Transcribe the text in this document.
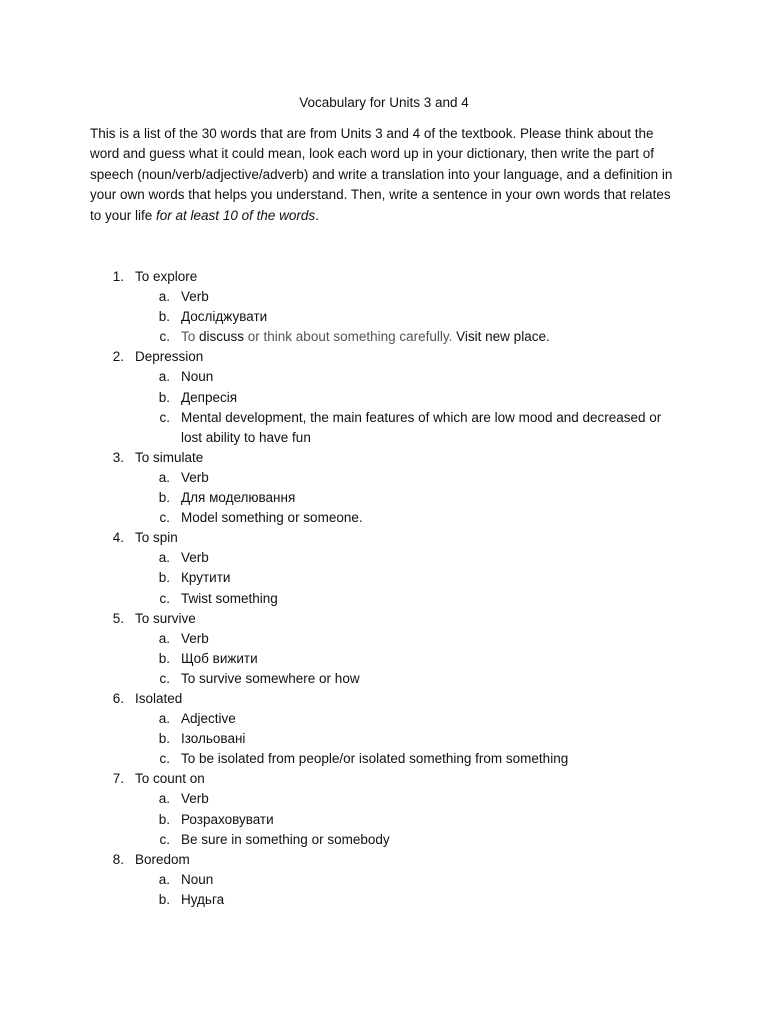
Vocabulary for Units 3 and 4
This is a list of the 30 words that are from Units 3 and 4 of the textbook. Please think about the word and guess what it could mean, look each word up in your dictionary, then write the part of speech (noun/verb/adjective/adverb) and write a translation into your language, and a definition in your own words that helps you understand. Then, write a sentence in your own words that relates to your life for at least 10 of the words.
1. To explore
a. Verb
b. Досліджувати
c. To discuss or think about something carefully. Visit new place.
2. Depression
a. Noun
b. Депресія
c. Mental development, the main features of which are low mood and decreased or lost ability to have fun
3. To simulate
a. Verb
b. Для моделювання
c. Model something or someone.
4. To spin
a. Verb
b. Крутити
c. Twist something
5. To survive
a. Verb
b. Щоб вижити
c. To survive somewhere or how
6. Isolated
a. Adjective
b. Ізольовані
c. To be isolated from people/or isolated something from something
7. To count on
a. Verb
b. Розраховувати
c. Be sure in something or somebody
8. Boredom
a. Noun
b. Нудьга
